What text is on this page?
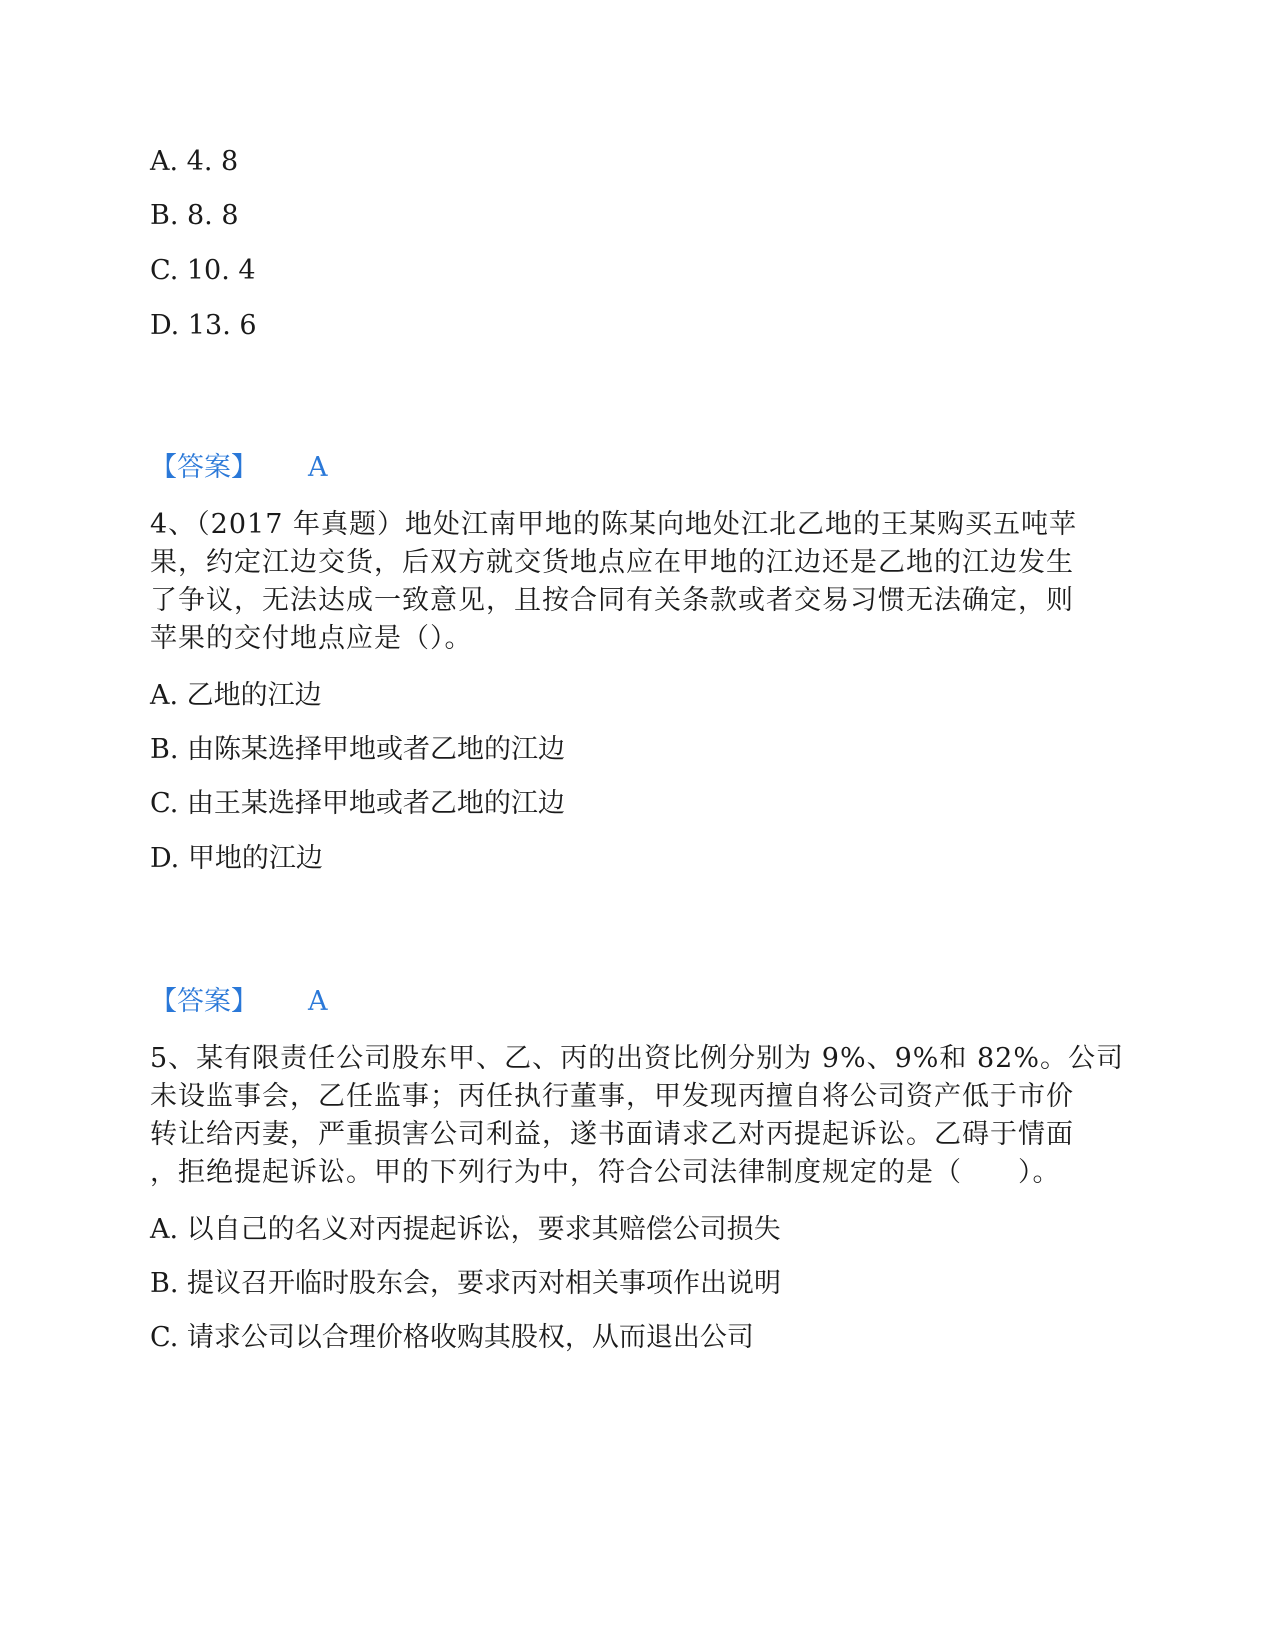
A. 4. 8
B. 8. 8
C. 10. 4
D. 13. 6
【答案】 A
4、（2017 年真题）地处江南甲地的陈某向地处江北乙地的王某购买五吨苹
果，约定江边交货，后双方就交货地点应在甲地的江边还是乙地的江边发生
了争议，无法达成一致意见，且按合同有关条款或者交易习惯无法确定，则
苹果的交付地点应是（）。
A. 乙地的江边
B. 由陈某选择甲地或者乙地的江边
C. 由王某选择甲地或者乙地的江边
D. 甲地的江边
【答案】 A
5、某有限责任公司股东甲、乙、丙的出资比例分别为 9%、9%和 82%。公司
未设监事会，乙任监事；丙任执行董事，甲发现丙擅自将公司资产低于市价
转让给丙妻，严重损害公司利益，遂书面请求乙对丙提起诉讼。乙碍于情面
，拒绝提起诉讼。甲的下列行为中，符合公司法律制度规定的是（　　）。
A. 以自己的名义对丙提起诉讼，要求其赔偿公司损失
B. 提议召开临时股东会，要求丙对相关事项作出说明
C. 请求公司以合理价格收购其股权，从而退出公司
